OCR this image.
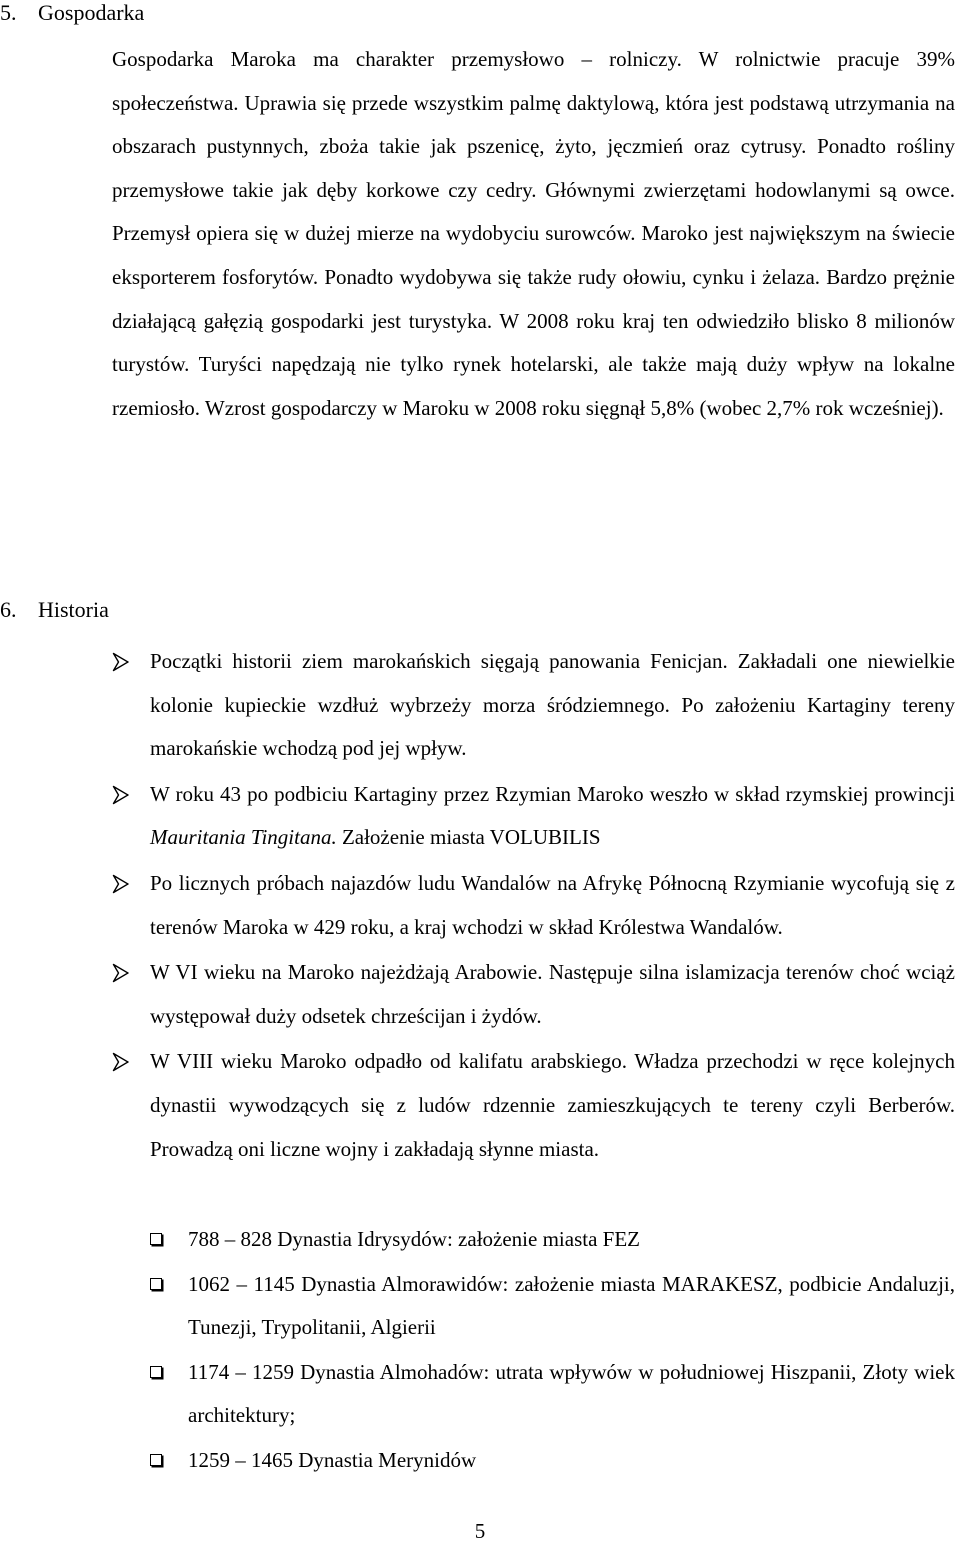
5. Gospodarka

Gospodarka Maroka ma charakter przemysłowo – rolniczy. W rolnictwie pracuje 39% społeczeństwa. Uprawia się przede wszystkim palmę daktylową, która jest podstawą utrzymania na obszarach pustynnych, zboża takie jak pszenicę, żyto, jęczmień oraz cytrusy. Ponadto rośliny przemysłowe takie jak dęby korkowe czy cedry. Głównymi zwierzętami hodowlanymi są owce. Przemysł opiera się w dużej mierze na wydobyciu surowców. Maroko jest największym na świecie eksporterem fosforytów. Ponadto wydobywa się także rudy ołowiu, cynku i żelaza. Bardzo prężnie działającą gałęzią gospodarki jest turystyka. W 2008 roku kraj ten odwiedziło blisko 8 milionów turystów. Turyści napędzają nie tylko rynek hotelarski, ale także mają duży wpływ na lokalne rzemiosło. Wzrost gospodarczy w Maroku w 2008 roku sięgnął 5,8% (wobec 2,7% rok wcześniej).

6. Historia
Początki historii ziem marokańskich sięgają panowania Fenicjan. Zakładali one niewielkie kolonie kupieckie wzdłuż wybrzeży morza śródziemnego. Po założeniu Kartaginy tereny marokańskie wchodzą pod jej wpływ.
W roku 43 po podbiciu Kartaginy przez Rzymian Maroko weszło w skład rzymskiej prowincji Mauritania Tingitana. Założenie miasta VOLUBILIS
Po licznych próbach najazdów ludu Wandalów na Afrykę Północną Rzymianie wycofują się z terenów Maroka w 429 roku, a kraj wchodzi w skład Królestwa Wandalów.
W VI wieku na Maroko najeżdżają Arabowie. Następuje silna islamizacja terenów choć wciąż występował duży odsetek chrześcijan i żydów.
W VIII wieku Maroko odpadło od kalifatu arabskiego. Władza przechodzi w ręce kolejnych dynastii wywodzących się z ludów rdzennie zamieszkujących te tereny czyli Berberów. Prowadzą oni liczne wojny i zakładają słynne miasta.
788 – 828 Dynastia Idrysydów: założenie miasta FEZ
1062 – 1145 Dynastia Almorawidów: założenie miasta MARAKESZ, podbicie Andaluzji, Tunezji, Trypolitanii, Algierii
1174 – 1259 Dynastia Almohadów: utrata wpływów w południowej Hiszpanii, Złoty wiek architektury;
1259 – 1465 Dynastia Merynidów
5
